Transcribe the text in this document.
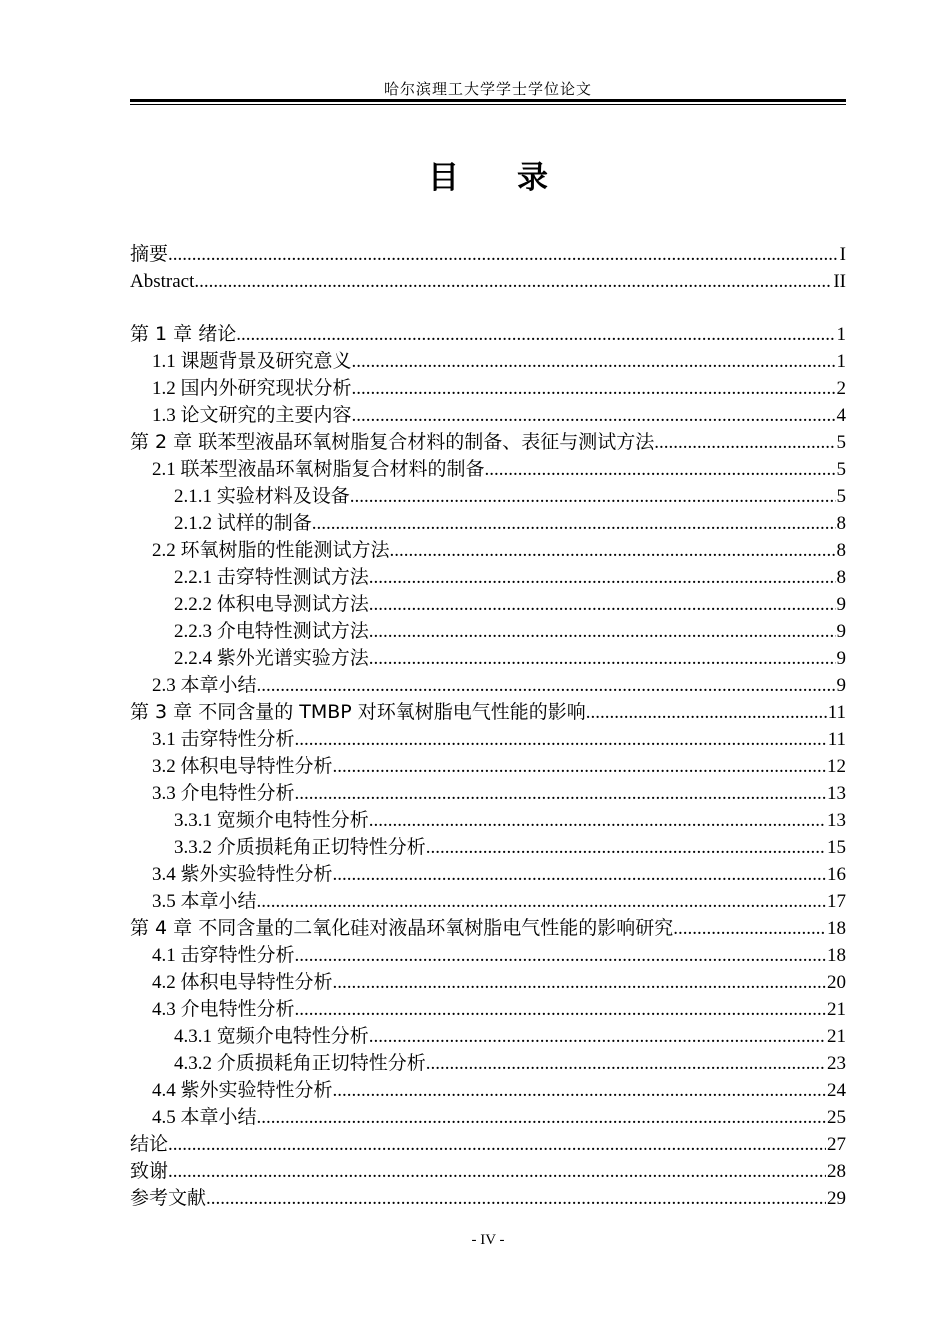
哈尔滨理工大学学士学位论文
目录
摘要 .....	I
Abstract .....	II
第 1 章 绪论 .....	1
1.1 课题背景及研究意义 .....	1
1.2 国内外研究现状分析 .....	2
1.3 论文研究的主要内容 .....	4
第 2 章 联苯型液晶环氧树脂复合材料的制备、表征与测试方法 .....	5
2.1 联苯型液晶环氧树脂复合材料的制备 .....	5
2.1.1 实验材料及设备 .....	5
2.1.2 试样的制备 .....	8
2.2 环氧树脂的性能测试方法 .....	8
2.2.1 击穿特性测试方法 .....	8
2.2.2 体积电导测试方法 .....	9
2.2.3 介电特性测试方法 .....	9
2.2.4 紫外光谱实验方法 .....	9
2.3 本章小结 .....	9
第 3 章 不同含量的 TMBP 对环氧树脂电气性能的影响 .....	11
3.1 击穿特性分析 .....	11
3.2 体积电导特性分析 .....	12
3.3 介电特性分析 .....	13
3.3.1 宽频介电特性分析 .....	13
3.3.2 介质损耗角正切特性分析 .....	15
3.4 紫外实验特性分析 .....	16
3.5 本章小结 .....	17
第 4 章 不同含量的二氧化硅对液晶环氧树脂电气性能的影响研究 .....	18
4.1 击穿特性分析 .....	18
4.2 体积电导特性分析 .....	20
4.3 介电特性分析 .....	21
4.3.1 宽频介电特性分析 .....	21
4.3.2 介质损耗角正切特性分析 .....	23
4.4 紫外实验特性分析 .....	24
4.5 本章小结 .....	25
结论 .....	27
致谢 .....	28
参考文献 .....	29
- IV -
